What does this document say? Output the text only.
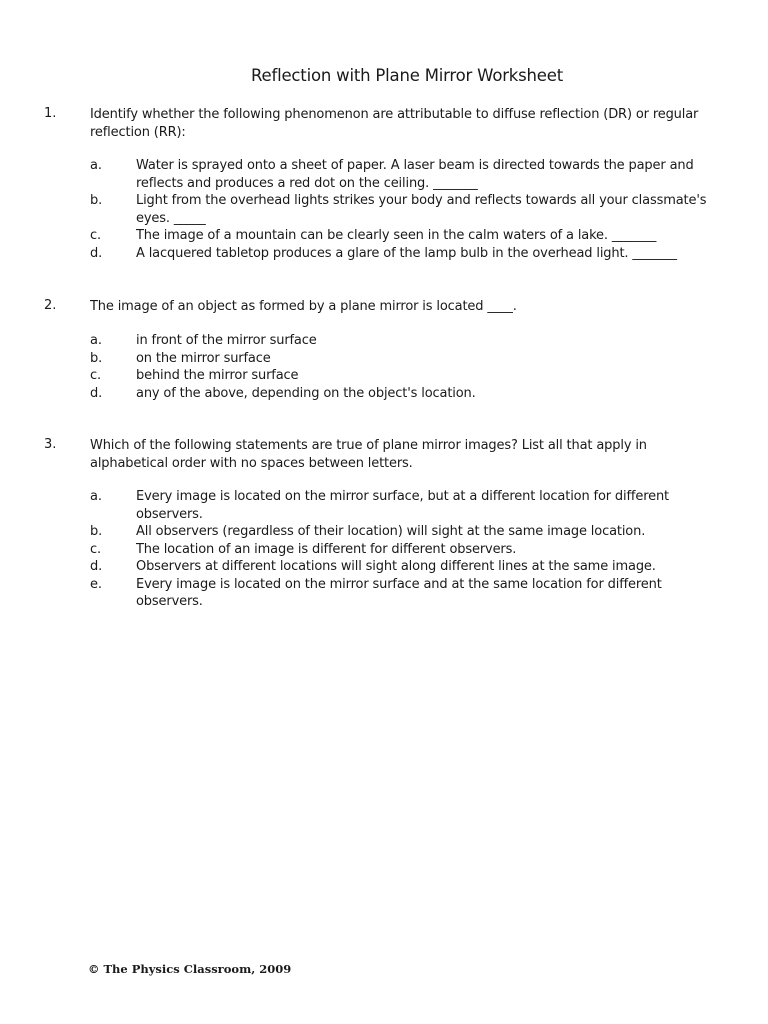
Reflection with Plane Mirror Worksheet
1.	Identify whether the following phenomenon are attributable to diffuse reflection (DR) or regular reflection (RR):
a.	Water is sprayed onto a sheet of paper. A laser beam is directed towards the paper and reflects and produces a red dot on the ceiling. _______
b.	Light from the overhead lights strikes your body and reflects towards all your classmate's eyes. _____
c.	The image of a mountain can be clearly seen in the calm waters of a lake. _______
d.	A lacquered tabletop produces a glare of the lamp bulb in the overhead light. _______
2.	The image of an object as formed by a plane mirror is located ____.
a.	in front of the mirror surface
b.	on the mirror surface
c.	behind the mirror surface
d.	any of the above, depending on the object's location.
3.	Which of the following statements are true of plane mirror images? List all that apply in alphabetical order with no spaces between letters.
a.	Every image is located on the mirror surface, but at a different location for different observers.
b.	All observers (regardless of their location) will sight at the same image location.
c.	The location of an image is different for different observers.
d.	Observers at different locations will sight along different lines at the same image.
e.	Every image is located on the mirror surface and at the same location for different observers.
© The Physics Classroom, 2009
